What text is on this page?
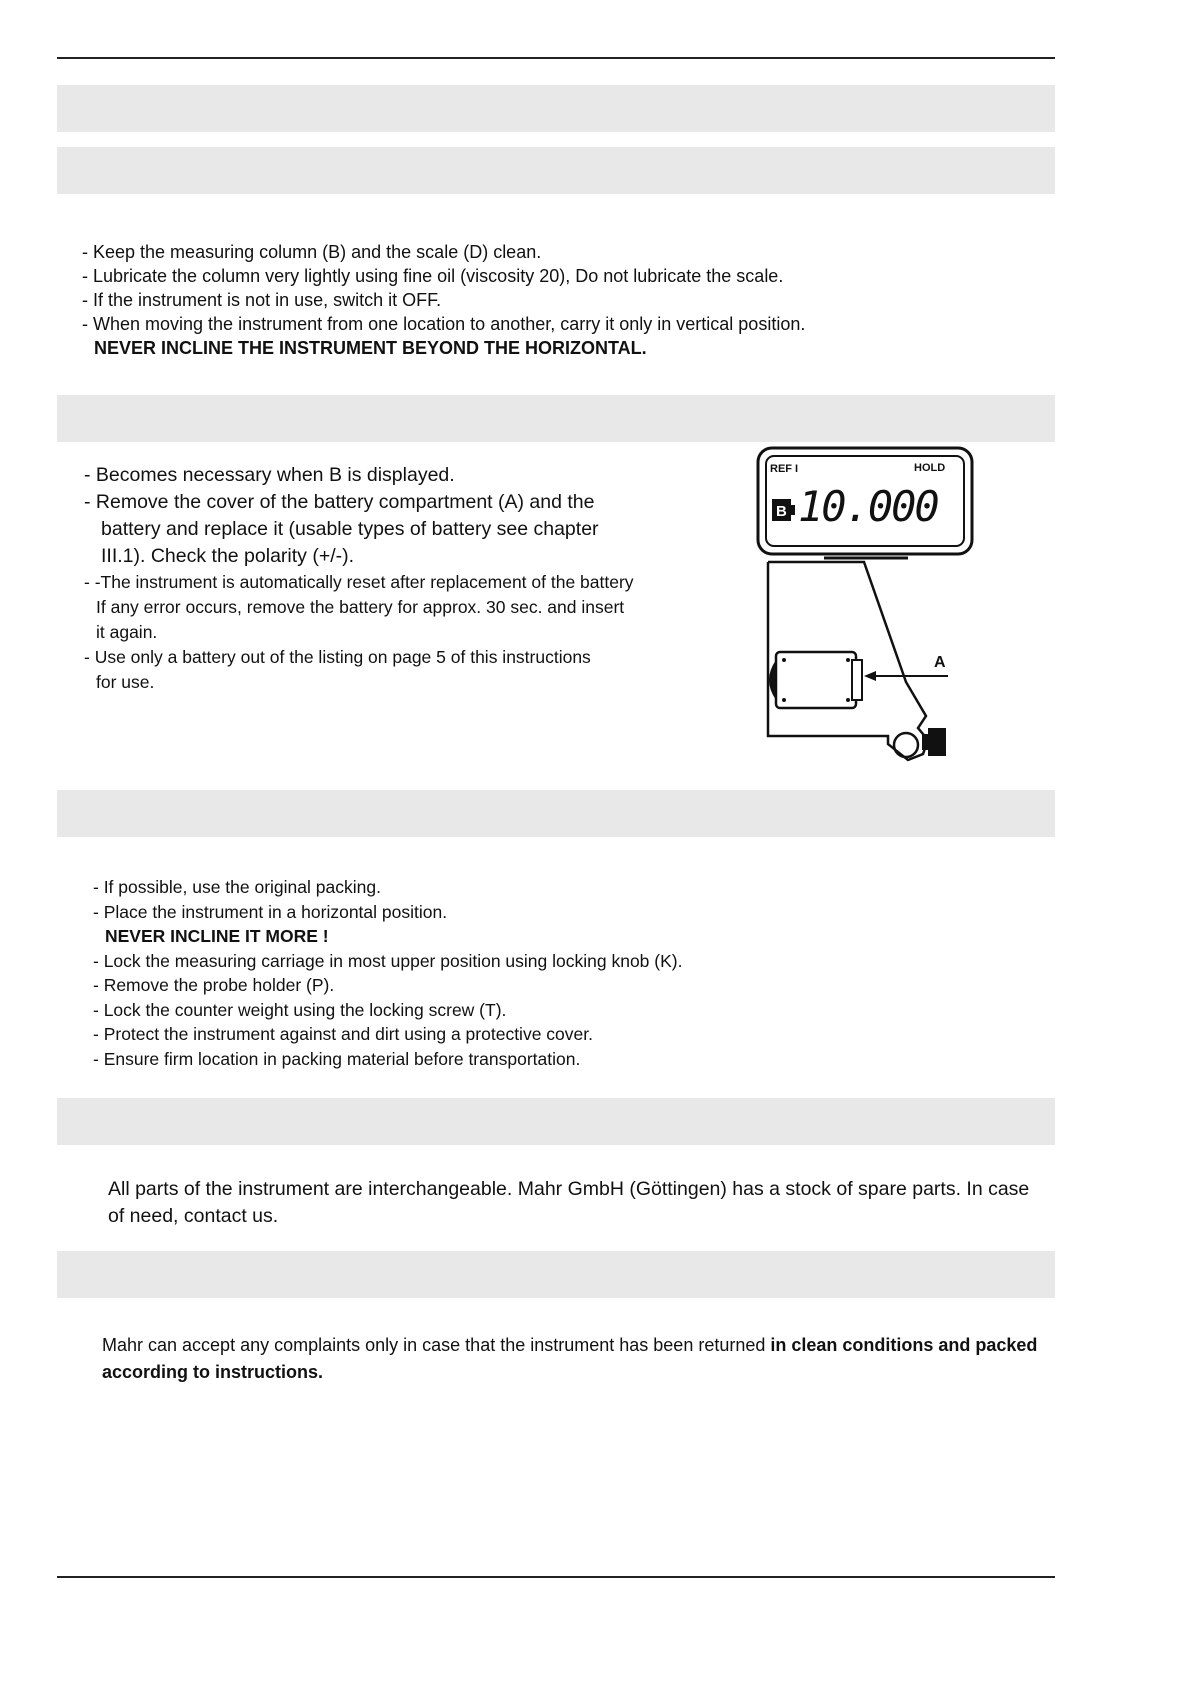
- Keep the measuring column (B) and the scale (D) clean.
- Lubricate the column very lightly using fine oil (viscosity 20), Do not lubricate the scale.
- If the instrument is not in use, switch it OFF.
- When moving the instrument from one location to another, carry it only in vertical position.
NEVER INCLINE THE INSTRUMENT BEYOND THE HORIZONTAL.
- Becomes necessary when B is displayed.
- Remove the cover of the battery compartment (A) and the
battery and replace it (usable types of battery see chapter
III.1). Check the polarity (+/-).
- -The instrument is automatically reset after replacement of the battery
If any error occurs, remove the battery for approx. 30 sec. and insert
it again.
- Use only a battery out of the listing on page 5 of this instructions
for use.
REF I	HOLD
B 10.000
A
- If possible, use the original packing.
- Place the instrument in a horizontal position.
NEVER INCLINE IT MORE !
- Lock the measuring carriage in most upper position using locking knob (K).
- Remove the probe holder (P).
- Lock the counter weight using the locking screw (T).
- Protect the instrument against and dirt using a protective cover.
- Ensure firm location in packing material before transportation.

All parts of the instrument are interchangeable. Mahr GmbH (Göttingen) has a stock of spare parts. In case of need, contact us.

Mahr can accept any complaints only in case that the instrument has been returned in clean conditions and packed according to instructions.
